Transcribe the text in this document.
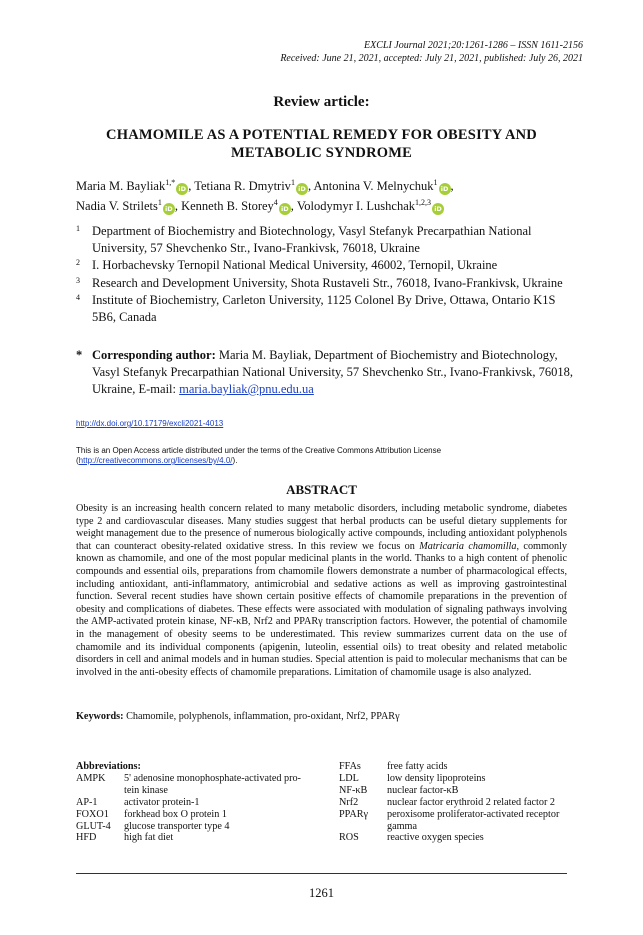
EXCLI Journal 2021;20:1261-1286 – ISSN 1611-2156
Received: June 21, 2021, accepted: July 21, 2021, published: July 26, 2021
Review article:
CHAMOMILE AS A POTENTIAL REMEDY FOR OBESITY AND
METABOLIC SYNDROME
Maria M. Bayliak$^{1,*}$iD , Tetiana R. Dmytriv$^1$iD , Antonina V. Melnychuk$^1$iD ,
Nadia V. Strilets$^1$iD , Kenneth B. Storey$^4$iD , Volodymyr I. Lushchak$^{1,2,3}$iD
1 Department of Biochemistry and Biotechnology, Vasyl Stefanyk Precarpathian National University, 57 Shevchenko Str., Ivano-Frankivsk, 76018, Ukraine
2 I. Horbachevsky Ternopil National Medical University, 46002, Ternopil, Ukraine
3 Research and Development University, Shota Rustaveli Str., 76018, Ivano-Frankivsk, Ukraine
4 Institute of Biochemistry, Carleton University, 1125 Colonel By Drive, Ottawa, Ontario K1S 5B6, Canada
* Corresponding author: Maria M. Bayliak, Department of Biochemistry and Biotechnology, Vasyl Stefanyk Precarpathian National University, 57 Shevchenko Str., Ivano-Frankivsk, 76018, Ukraine, E-mail: maria.bayliak@pnu.edu.ua
http://dx.doi.org/10.17179/excli2021-4013
This is an Open Access article distributed under the terms of the Creative Commons Attribution License
(http://creativecommons.org/licenses/by/4.0/).
ABSTRACT
Obesity is an increasing health concern related to many metabolic disorders, including metabolic syndrome, diabetes type 2 and cardiovascular diseases. Many studies suggest that herbal products can be useful dietary supplements for weight management due to the presence of numerous biologically active compounds, including antioxidant polyphenols that can counteract obesity-related oxidative stress. In this review we focus on Matricaria chamomilla, commonly known as chamomile, and one of the most popular medicinal plants in the world. Thanks to a high content of phenolic compounds and essential oils, preparations from chamomile flowers demonstrate a number of pharmacological effects, including antioxidant, anti-inflammatory, antimicrobial and sedative actions as well as improving gastrointestinal function. Several recent studies have shown certain positive effects of chamomile preparations in the prevention of obesity and complications of diabetes. These effects were associated with modulation of signaling pathways involving the AMP-activated protein kinase, NF-κB, Nrf2 and PPARγ transcription factors. However, the potential of chamomile in the management of obesity seems to be underestimated. This review summarizes current data on the use of chamomile and its individual components (apigenin, luteolin, essential oils) to treat obesity and related metabolic disorders in cell and animal models and in human studies. Special attention is paid to molecular mechanisms that can be involved in the anti-obesity effects of chamomile preparations. Limitation of chamomile usage is also analyzed.
Keywords: Chamomile, polyphenols, inflammation, pro-oxidant, Nrf2, PPARγ
Abbreviations:
AMPK	5' adenosine monophosphate-activated pro-
tein kinase
AP-1	activator protein-1
FOXO1	forkhead box O protein 1
GLUT-4	glucose transporter type 4
HFD	high fat diet
FFAs	free fatty acids
LDL	low density lipoproteins
NF-κB	nuclear factor-κB
Nrf2	nuclear factor erythroid 2 related factor 2
PPARγ	peroxisome proliferator-activated receptor
gamma
ROS	reactive oxygen species
1261
